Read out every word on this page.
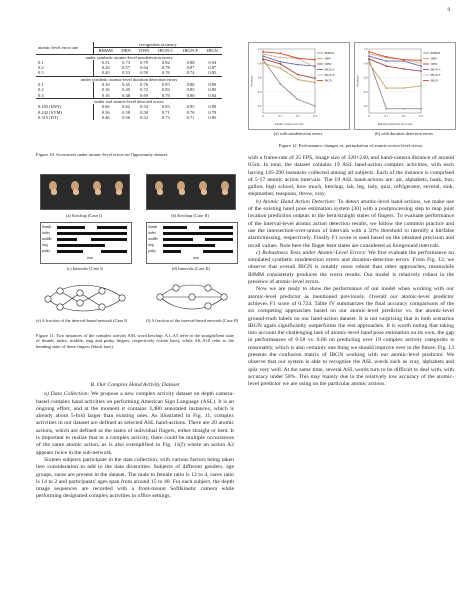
9
atomic-level error rate	recognition accuracy					
	BHMM	DBN	ITBN	IBGN-C	IBGN-F	IBGN
under synthetic atomic-level misdetection errors						
0.1	0.51	0.73	0.79	0.82	0.88	0.94
0.2	0.29	0.57	0.64	0.78	0.87	0.87
0.3	0.20	0.53	0.59	0.76	0.74	0.85
under synthetic atomic-level duration detection errors						
0.1	0.16	0.45	0.76	0.83	0.88	0.89
0.2	0.16	0.45	0.72	0.83	0.85	0.85
0.3	0.16	0.48	0.69	0.76	0.80	0.84
under real atomic-level detected errors						
0.165 (kNN)	0.66	0.62	0.54	0.83	0.85	0.89
0.242 (SVM)	0.56	0.58	0.50	0.71	0.76	0.79
0.315 (DT)	0.46	0.56	0.52	0.73	0.71	0.85
Figure 10. Accuracies under atomic-level errors on Opportunity dataset.
(a) Ketchup (Case I)	(b) Ketchup (Case II)
thumb
index
middle
ring
pinky
time
thumb
index
middle
ring
pinky
time
(c) Intervals (Case I)	(d) Intervals (Case II)
(e) A fraction of the interval-based network (Case I)	(f) A fraction of the interval-based network (Case II)
Figure 11. Two instances of the complex activity ASL word ketchup. A1–A5 refer to the straight/bent state of thumb, index, middle, ring and pinky fingers, respectively (white bars), while A6–A10 refer to the bending state of these fingers (black bars).

B. Our Complex Hand Activity Dataset

a) Data Collection: We propose a new complex activity dataset on depth camera-based complex hand activities on performing American Sign Language (ASL). It is an ongoing effort, and at the moment it contains 3,480 annotated instances, which is already about 5-fold larger than existing ones. As illustrated in Fig. 11, complex activities in our dataset are defined as selected ASL hand-actions. There are 20 atomic actions, which are defined as the states of individual fingers, either straight or bent. It is important to realize that in a complex activity, there could be multiple occurrences of the same atomic action, as is also exemplified in Fig. 11(f) where an action A2 appears twice in the sub-network.

Sixteen subjects participate in the data collection, with various factors being taken into consideration to add to the data diversities. Subjects of different genders, age groups, races are present in the dataset. The male to female ratio is 12 to 4, races ratio is 14 to 2 and participants' ages span from around 15 to 40. For each subject, the depth image sequences are recorded with a front-mount SoftKinetic camera while performing designated complex activities in office settings,

0.2
0.4
0.6
0.8
1.0
0	0.1	0.2	0.3
Atomic action error rate
Accuracy
BHMM
DBN
ITBN
IBGN-C
IBGN-F
IBGN
0.2
0.4
0.6
0.8
1.0
0	0.1	0.2	0.3
Duration detection error rate
Accuracy
BHMM
DBN
ITBN
IBGN-C
IBGN-F
IBGN
(a) with misdetection errors	(b) with duration detection errors
Figure 12. Performance changes vs. perturbation of atomic-action-level errors.

with a frame-rate of 25 FPS, image size of 320×240, and hand-camera distance of around 0.5m. In total, the dataset contains 19 ASL hand-action complex activities, with each having 145-290 instances collected among all subjects. Each of the instance is comprised of 5-17 atomic action intervals. The 19 ASL hand-actions are: air, alphabets, bank, bus, gallon, high school, how much, ketchup, lab, leg, lady, quiz, refrigerator, several, sink, stepmother, teaspoon, throw, xray.

b) Atomic Hand Action Detection: To detect atomic-level hand-actions, we make use of the existing hand pose estimation system [30] with a postprocessing step to map joint location prediction outputs to the bent/straight states of fingers. To evaluate performance of the interval-level atomic action detection results, we follow the common practice and use the intersection-over-union of intervals with a 50% threshold to identify a hit/false alarm/missing, respectively. Finally F1 score is used based on the obtained precision and recall values. Note here the finger bent states are considered as foreground intervals.

c) Robustness Tests under Atomic-Level Errors: We first evaluate the performance on simulated synthetic misdetection errors and duration-detection errors. From Fig. 12, we observe that overall IBGN is notably more robust than other approaches, meanwhile IHMM consistently produces the worst results. Our model is relatively robust in the presence of atomic-level errors.

Now we are ready to show the performance of our model when working with our atomic-level predictor as mentioned previously. Overall our atomic-level predictor achieves F1 score of 0.724. Table IV summarizes the final accuracy comparisons of the six competing approaches based on our atomic-level predictor vs. the atomic-level ground-truth labels on our hand-action dataset. It is not surprising that in both scenarios IBGN again significantly outperforms the rest approaches. It is worth noting that taking into account the challenging task of atomic-level hand pose estimation on its own, the gap in performances of 0.58 vs. 0.86 on predicting over 19 complex activity categories is reasonably, which is also certainly one thing we should improve over in the future. Fig. 13 presents the confusion matrix of IBGN working with our atomic-level predictor. We observe that our system is able to recognize the ASL words such as xray, alphabets and quiz very well. At the same time, several ASL words turn to be difficult to deal with, with accuracy under 50%. This may mainly due to the relatively low accuracy of the atomic-level predictor we are using on the particular atomic actions.
